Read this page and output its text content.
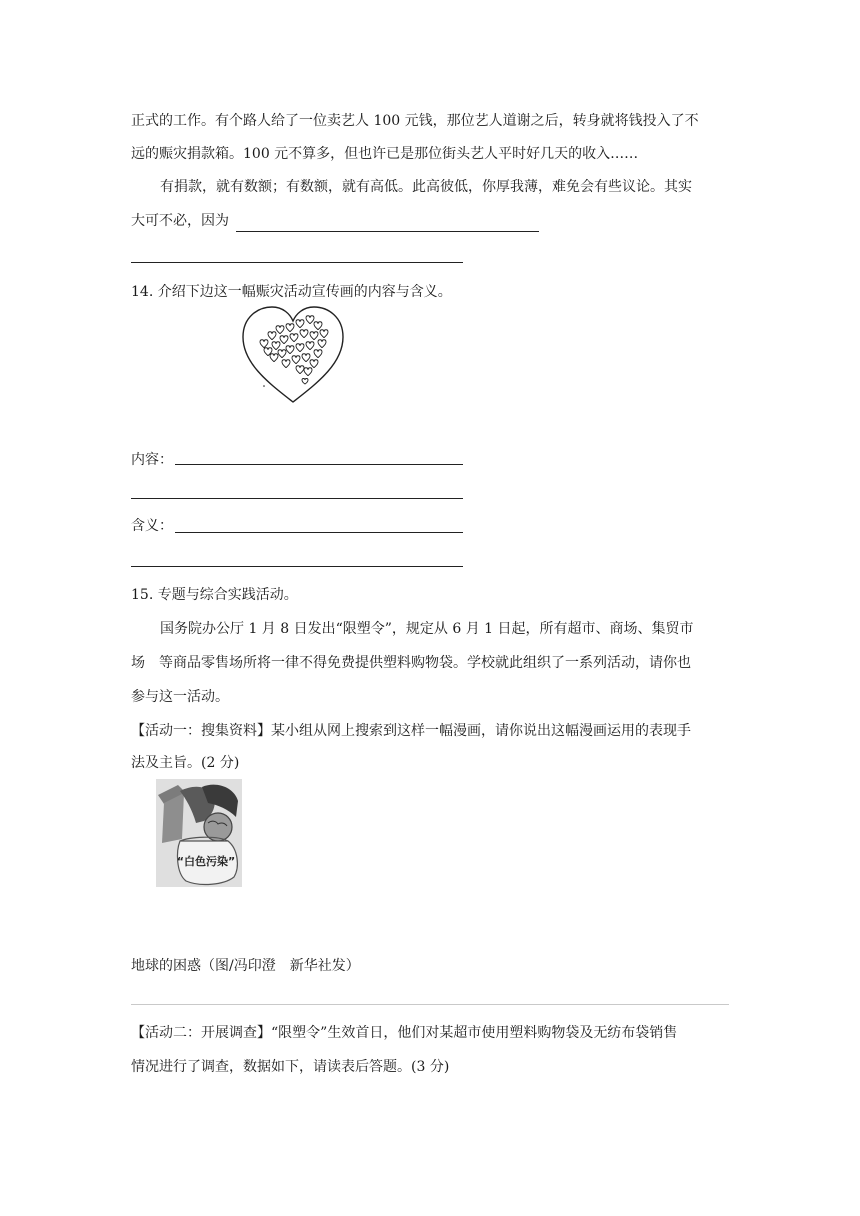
正式的工作。有个路人给了一位卖艺人 100 元钱，那位艺人道谢之后，转身就将钱投入了不
远的赈灾捐款箱。100 元不算多，但也许已是那位街头艺人平时好几天的收入……
有捐款，就有数额；有数额，就有高低。此高彼低，你厚我薄，难免会有些议论。其实
大可不必，因为
14. 介绍下边这一幅赈灾活动宣传画的内容与含义。
内容：
含义：
15. 专题与综合实践活动。
国务院办公厅 1 月 8 日发出“限塑令”，规定从 6 月 1 日起，所有超市、商场、集贸市
场　等商品零售场所将一律不得免费提供塑料购物袋。学校就此组织了一系列活动，请你也
参与这一活动。
【活动一：搜集资料】某小组从网上搜索到这样一幅漫画，请你说出这幅漫画运用的表现手
法及主旨。(2 分)
“白色污染”
地球的困惑（图/冯印澄　新华社发）
【活动二：开展调查】“限塑令”生效首日，他们对某超市使用塑料购物袋及无纺布袋销售
情况进行了调查，数据如下，请读表后答题。(3 分)
